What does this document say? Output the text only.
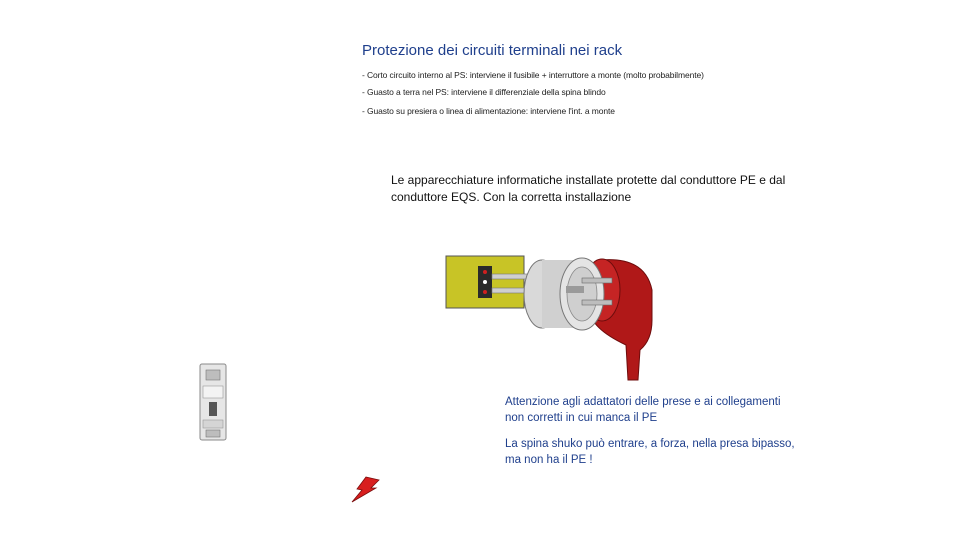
Protezione dei circuiti terminali nei rack
- Corto circuito interno al PS: interviene il fusibile + interruttore a monte (molto probabilmente)
- Guasto a terra nel PS: interviene il differenziale della spina blindo
- Guasto su presiera o linea di alimentazione: interviene l'int. a monte
Le apparecchiature informatiche installate protette dal conduttore PE e dal conduttore EQS. Con la corretta installazione
Attenzione agli adattatori delle prese e ai collegamenti non corretti in cui manca il PE
La spina shuko può entrare, a forza, nella presa bipasso, ma non ha il PE !
